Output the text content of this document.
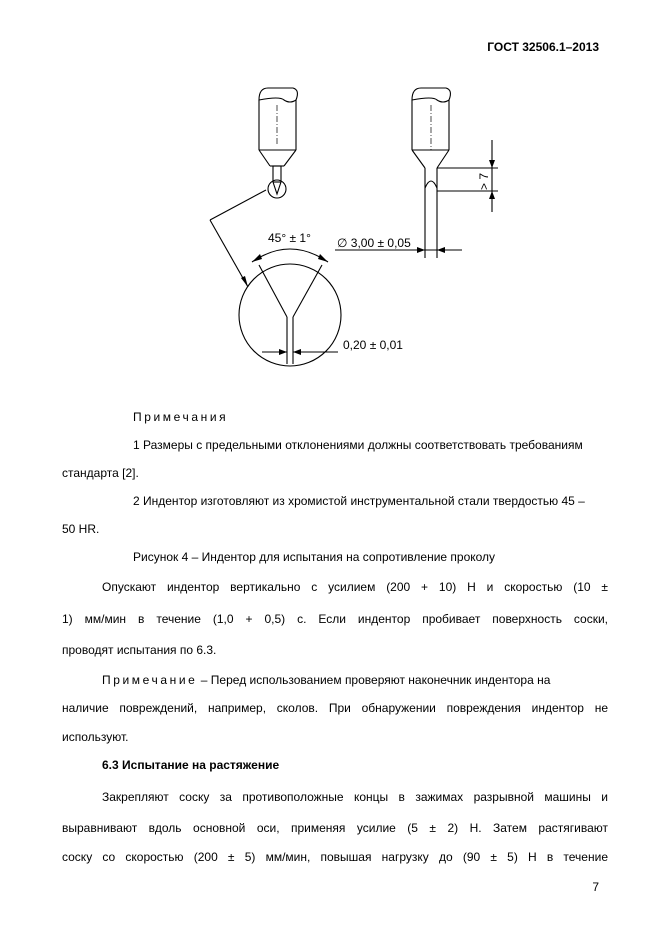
ГОСТ 32506.1–2013
45° ± 1° ∅ 3,00 ± 0,05
0,20 ± 0,01
> 7
Примечания
1 Размеры с предельными отклонениями должны соответствовать требованиям
стандарта [2].
2 Индентор изготовляют из хромистой инструментальной стали твердостью 45 –
50 HR.
Рисунок 4 – Индентор для испытания на сопротивление проколу
Опускают индентор вертикально с усилием (200 + 10) Н и скоростью (10 ±
1) мм/мин в течение (1,0 + 0,5) с. Если индентор пробивает поверхность соски,
проводят испытания по 6.3.
Примечание – Перед использованием проверяют наконечник индентора на
наличие повреждений, например, сколов. При обнаружении повреждения индентор не
используют.
6.3 Испытание на растяжение
Закрепляют соску за противоположные концы в зажимах разрывной машины и
выравнивают вдоль основной оси, применяя усилие (5 ± 2) Н. Затем растягивают
соску со скоростью (200 ± 5) мм/мин, повышая нагрузку до (90 ± 5) Н в течение
7
